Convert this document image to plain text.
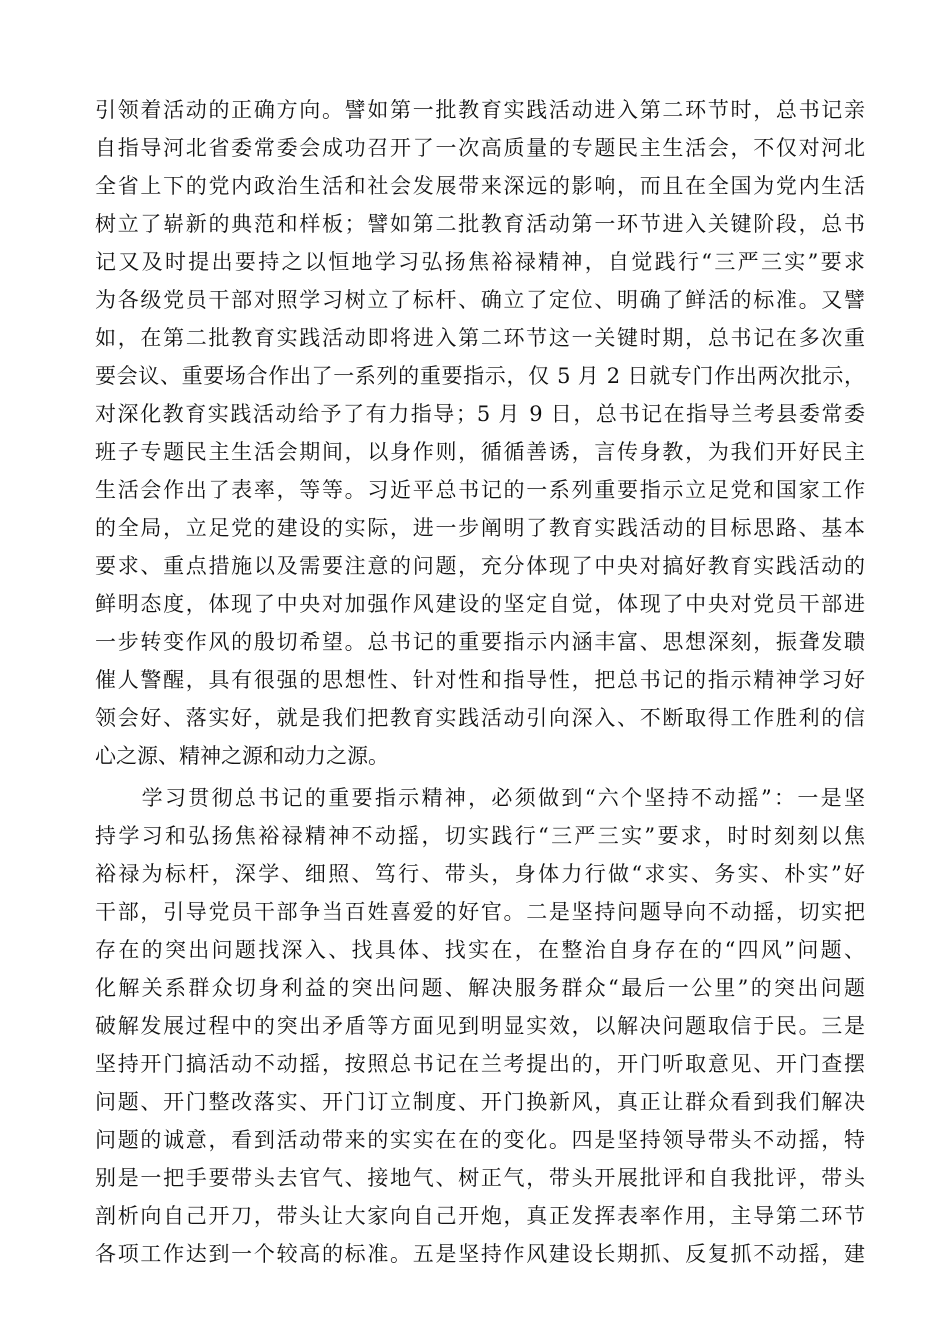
引领着活动的正确方向。譬如第一批教育实践活动进入第二环节时，总书记亲
自指导河北省委常委会成功召开了一次高质量的专题民主生活会，不仅对河北
全省上下的党内政治生活和社会发展带来深远的影响，而且在全国为党内生活
树立了崭新的典范和样板；譬如第二批教育活动第一环节进入关键阶段，总书
记又及时提出要持之以恒地学习弘扬焦裕禄精神，自觉践行“三严三实”要求
为各级党员干部对照学习树立了标杆、确立了定位、明确了鲜活的标准。又譬
如，在第二批教育实践活动即将进入第二环节这一关键时期，总书记在多次重
要会议、重要场合作出了一系列的重要指示，仅 5 月 2 日就专门作出两次批示，
对深化教育实践活动给予了有力指导；5 月 9 日，总书记在指导兰考县委常委
班子专题民主生活会期间，以身作则，循循善诱，言传身教，为我们开好民主
生活会作出了表率，等等。习近平总书记的一系列重要指示立足党和国家工作
的全局，立足党的建设的实际，进一步阐明了教育实践活动的目标思路、基本
要求、重点措施以及需要注意的问题，充分体现了中央对搞好教育实践活动的
鲜明态度，体现了中央对加强作风建设的坚定自觉，体现了中央对党员干部进
一步转变作风的殷切希望。总书记的重要指示内涵丰富、思想深刻，振聋发聩
催人警醒，具有很强的思想性、针对性和指导性，把总书记的指示精神学习好
领会好、落实好，就是我们把教育实践活动引向深入、不断取得工作胜利的信
心之源、精神之源和动力之源。
　　学习贯彻总书记的重要指示精神，必须做到“六个坚持不动摇”：一是坚
持学习和弘扬焦裕禄精神不动摇，切实践行“三严三实”要求，时时刻刻以焦
裕禄为标杆，深学、细照、笃行、带头，身体力行做“求实、务实、朴实”好
干部，引导党员干部争当百姓喜爱的好官。二是坚持问题导向不动摇，切实把
存在的突出问题找深入、找具体、找实在，在整治自身存在的“四风”问题、
化解关系群众切身利益的突出问题、解决服务群众“最后一公里”的突出问题
破解发展过程中的突出矛盾等方面见到明显实效，以解决问题取信于民。三是
坚持开门搞活动不动摇，按照总书记在兰考提出的，开门听取意见、开门查摆
问题、开门整改落实、开门订立制度、开门换新风，真正让群众看到我们解决
问题的诚意，看到活动带来的实实在在的变化。四是坚持领导带头不动摇，特
别是一把手要带头去官气、接地气、树正气，带头开展批评和自我批评，带头
剖析向自己开刀，带头让大家向自己开炮，真正发挥表率作用，主导第二环节
各项工作达到一个较高的标准。五是坚持作风建设长期抓、反复抓不动摇，建
